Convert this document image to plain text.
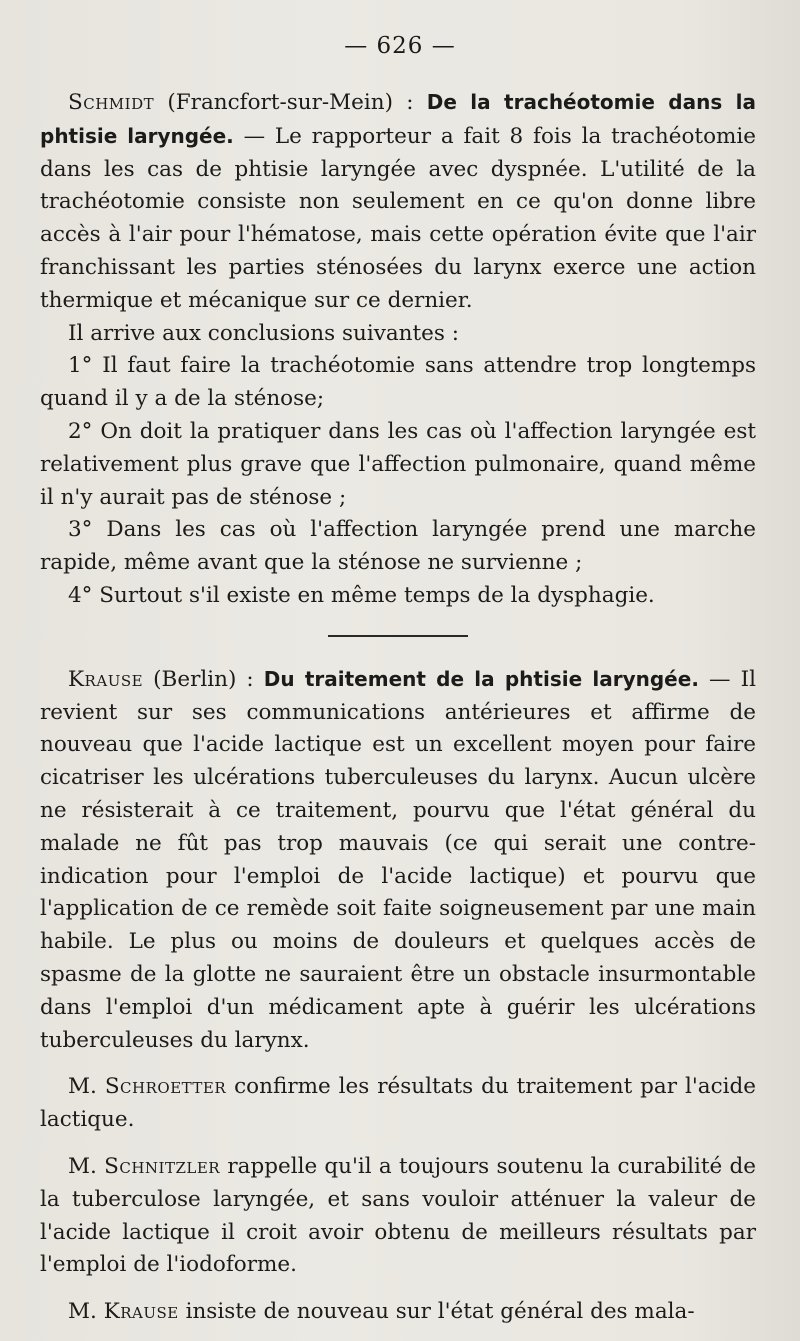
— 626 —

Schmidt (Francfort-sur-Mein) : De la trachéotomie dans la phtisie laryngée. — Le rapporteur a fait 8 fois la trachéotomie dans les cas de phtisie laryngée avec dyspnée. L'utilité de la trachéotomie consiste non seulement en ce qu'on donne libre accès à l'air pour l'hématose, mais cette opération évite que l'air franchissant les parties sténosées du larynx exerce une action thermique et mécanique sur ce dernier.

Il arrive aux conclusions suivantes :

1° Il faut faire la trachéotomie sans attendre trop longtemps quand il y a de la sténose;

2° On doit la pratiquer dans les cas où l'affection laryngée est relativement plus grave que l'affection pulmonaire, quand même il n'y aurait pas de sténose ;

3° Dans les cas où l'affection laryngée prend une marche rapide, même avant que la sténose ne survienne ;

4° Surtout s'il existe en même temps de la dysphagie.

Krause (Berlin) : Du traitement de la phtisie laryngée. — Il revient sur ses communications antérieures et affirme de nouveau que l'acide lactique est un excellent moyen pour faire cicatriser les ulcérations tuberculeuses du larynx. Aucun ulcère ne résisterait à ce traitement, pourvu que l'état général du malade ne fût pas trop mauvais (ce qui serait une contre-indication pour l'emploi de l'acide lactique) et pourvu que l'application de ce remède soit faite soigneusement par une main habile. Le plus ou moins de douleurs et quelques accès de spasme de la glotte ne sauraient être un obstacle insurmontable dans l'emploi d'un médicament apte à guérir les ulcérations tuberculeuses du larynx.

M. Schroetter confirme les résultats du traitement par l'acide lactique.

M. Schnitzler rappelle qu'il a toujours soutenu la curabilité de la tuberculose laryngée, et sans vouloir atténuer la valeur de l'acide lactique il croit avoir obtenu de meilleurs résultats par l'emploi de l'iodoforme.

M. Krause insiste de nouveau sur l'état général des mala-
